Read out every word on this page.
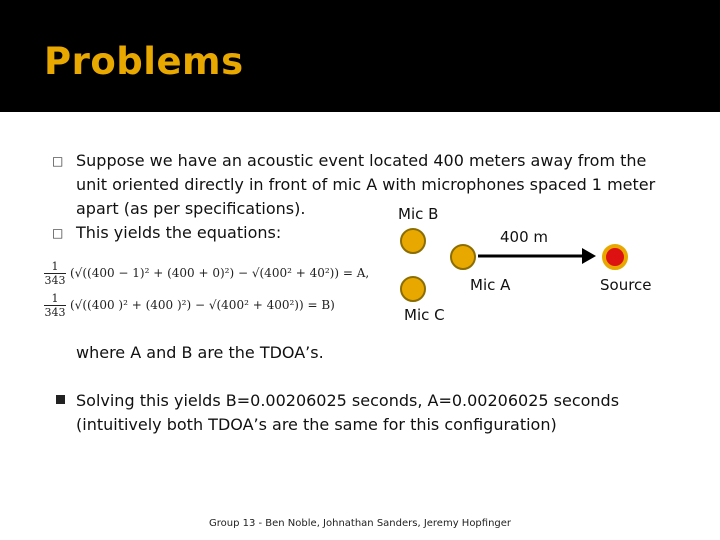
Problems
□ Suppose we have an acoustic event located 400 meters away from the
unit oriented directly in front of mic A with microphones spaced 1 meter
apart (as per specifications).
□ This yields the equations:
1
343
(√((400 − 1)² + (400 + 0)²) − √(400² + 40²)) = A,
1
343
(√((400 )² + (400 )²) − √(400² + 400²)) = B)
Mic B
400 m
Mic A	Source
Mic C
where A and B are the TDOA’s.
Solving this yields B=0.00206025 seconds, A=0.00206025 seconds
(intuitively both TDOA’s are the same for this configuration)
Group 13 - Ben Noble, Johnathan Sanders, Jeremy Hopfinger
